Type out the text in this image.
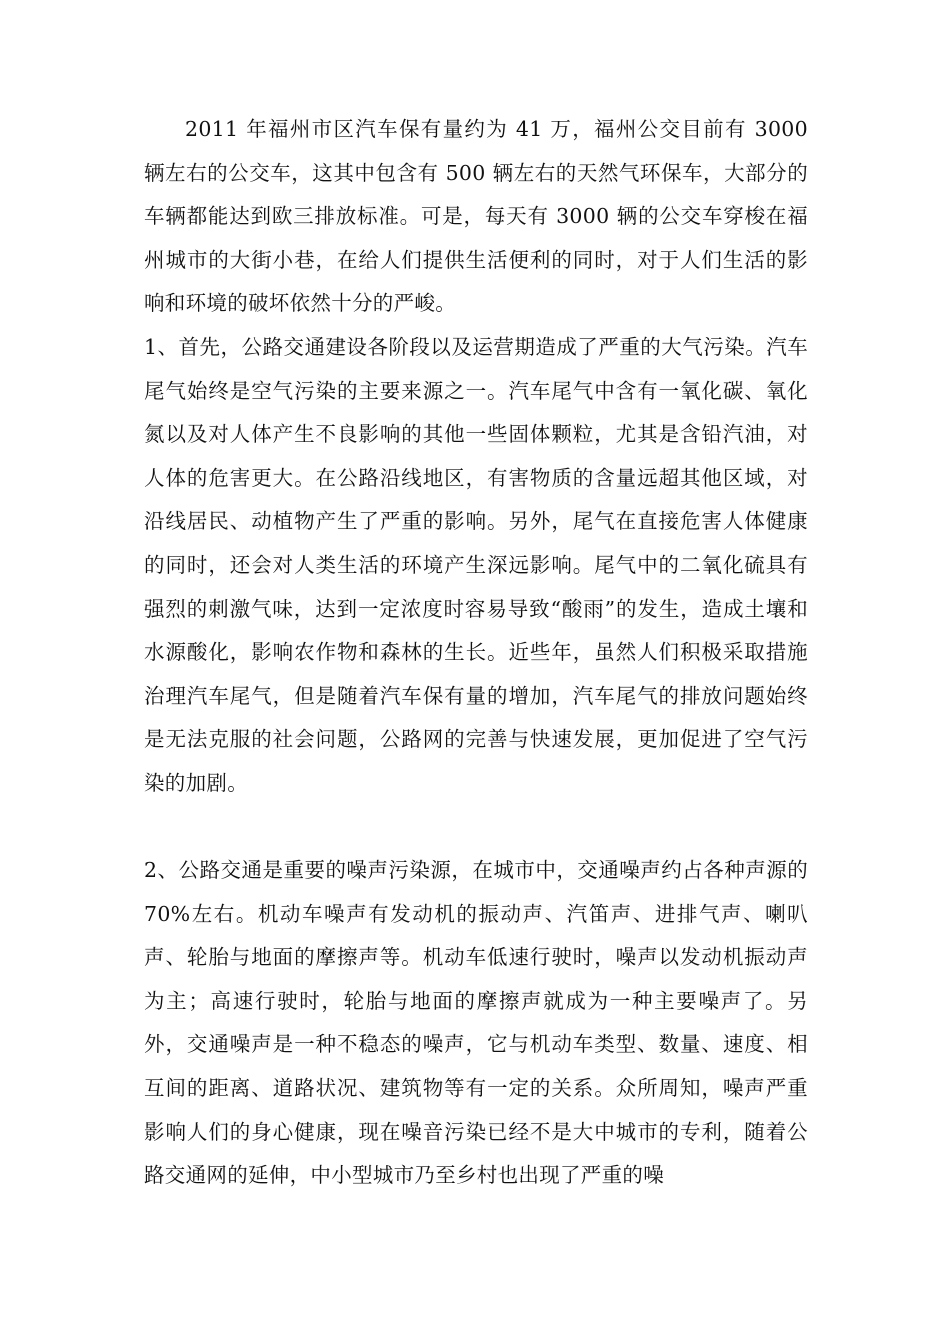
2011 年福州市区汽车保有量约为 41 万，福州公交目前有 3000 辆左右的公交车，这其中包含有 500 辆左右的天然气环保车，大部分的车辆都能达到欧三排放标准。可是，每天有 3000 辆的公交车穿梭在福州城市的大街小巷，在给人们提供生活便利的同时，对于人们生活的影响和环境的破坏依然十分的严峻。

1、首先，公路交通建设各阶段以及运营期造成了严重的大气污染。汽车尾气始终是空气污染的主要来源之一。汽车尾气中含有一氧化碳、氧化氮以及对人体产生不良影响的其他一些固体颗粒，尤其是含铅汽油，对人体的危害更大。在公路沿线地区，有害物质的含量远超其他区域，对沿线居民、动植物产生了严重的影响。另外，尾气在直接危害人体健康的同时，还会对人类生活的环境产生深远影响。尾气中的二氧化硫具有强烈的刺激气味，达到一定浓度时容易导致“酸雨”的发生，造成土壤和水源酸化，影响农作物和森林的生长。近些年，虽然人们积极采取措施治理汽车尾气，但是随着汽车保有量的增加，汽车尾气的排放问题始终是无法克服的社会问题，公路网的完善与快速发展，更加促进了空气污染的加剧。

2、公路交通是重要的噪声污染源，在城市中，交通噪声约占各种声源的 70%左右。机动车噪声有发动机的振动声、汽笛声、进排气声、喇叭声、轮胎与地面的摩擦声等。机动车低速行驶时，噪声以发动机振动声为主；高速行驶时，轮胎与地面的摩擦声就成为一种主要噪声了。另外，交通噪声是一种不稳态的噪声，它与机动车类型、数量、速度、相互间的距离、道路状况、建筑物等有一定的关系。众所周知，噪声严重影响人们的身心健康，现在噪音污染已经不是大中城市的专利，随着公路交通网的延伸，中小型城市乃至乡村也出现了严重的噪
